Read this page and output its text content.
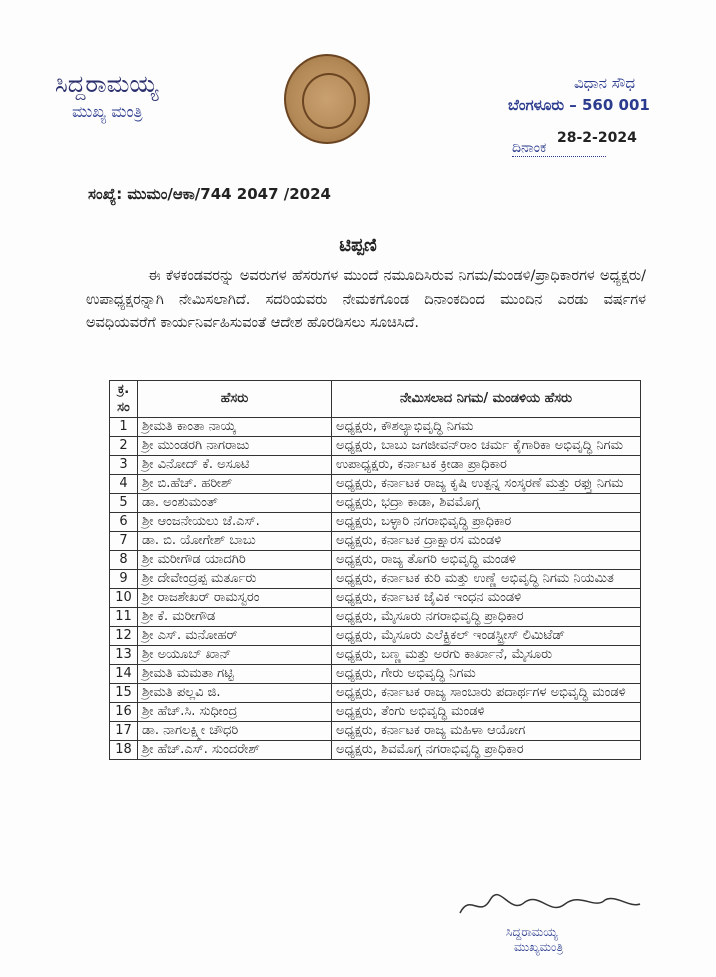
ಸಿದ್ದರಾಮಯ್ಯ
ಮುಖ್ಯ ಮಂತ್ರಿ
ವಿಧಾನ ಸೌಧ
ಬೆಂಗಳೂರು – 560 001
ದಿನಾಂಕ
28-2-2024
ಸಂಖ್ಯೆ: ಮುಮಂ/ಆಕಾ/744 2047 /2024
ಟಿಪ್ಪಣಿ
ಈ ಕೆಳಕಂಡವರನ್ನು ಅವರುಗಳ ಹೆಸರುಗಳ ಮುಂದೆ ನಮೂದಿಸಿರುವ ನಿಗಮ/ಮಂಡಳಿ/ಪ್ರಾಧಿಕಾರಗಳ ಅಧ್ಯಕ್ಷರು/ಉಪಾಧ್ಯಕ್ಷರನ್ನಾಗಿ ನೇಮಿಸಲಾಗಿದೆ. ಸದರಿಯವರು ನೇಮಕಗೊಂಡ ದಿನಾಂಕದಿಂದ ಮುಂದಿನ ಎರಡು ವರ್ಷಗಳ ಅವಧಿಯವರೆಗೆ ಕಾರ್ಯನಿರ್ವಹಿಸುವಂತೆ ಆದೇಶ ಹೊರಡಿಸಲು ಸೂಚಿಸಿದೆ.
ಕ್ರ. ಸಂ	ಹೆಸರು	ನೇಮಿಸಲಾದ ನಿಗಮ/ ಮಂಡಳಿಯ ಹೆಸರು
1	ಶ್ರೀಮತಿ ಕಾಂತಾ ನಾಯ್ಕ	ಅಧ್ಯಕ್ಷರು, ಕೌಶಲ್ಯಾಭಿವೃದ್ಧಿ ನಿಗಮ
2	ಶ್ರೀ ಮುಂಡರಗಿ ನಾಗರಾಜು	ಅಧ್ಯಕ್ಷರು, ಬಾಬು ಜಗಜೀವನ್‌ರಾಂ ಚರ್ಮ ಕೈಗಾರಿಕಾ ಅಭಿವೃದ್ಧಿ ನಿಗಮ
3	ಶ್ರೀ ವಿನೋದ್ ಕೆ. ಅಸೂಟಿ	ಉಪಾಧ್ಯಕ್ಷರು, ಕರ್ನಾಟಕ ಕ್ರೀಡಾ ಪ್ರಾಧಿಕಾರ
4	ಶ್ರೀ ಬಿ.ಹೆಚ್. ಹರೀಶ್	ಅಧ್ಯಕ್ಷರು, ಕರ್ನಾಟಕ ರಾಜ್ಯ ಕೃಷಿ ಉತ್ಪನ್ನ ಸಂಸ್ಕರಣೆ ಮತ್ತು ರಫ್ತು ನಿಗಮ
5	ಡಾ. ಅಂಶುಮಂತ್	ಅಧ್ಯಕ್ಷರು, ಭದ್ರಾ ಕಾಡಾ, ಶಿವಮೊಗ್ಗ
6	ಶ್ರೀ ಆಂಜನೇಯಲು ಜೆ.ಎಸ್.	ಅಧ್ಯಕ್ಷರು, ಬಳ್ಳಾರಿ ನಗರಾಭಿವೃದ್ಧಿ ಪ್ರಾಧಿಕಾರ
7	ಡಾ. ಬಿ. ಯೋಗೇಶ್ ಬಾಬು	ಅಧ್ಯಕ್ಷರು, ಕರ್ನಾಟಕ ದ್ರಾಕ್ಷಾರಸ ಮಂಡಳಿ
8	ಶ್ರೀ ಮರೀಗೌಡ ಯಾದಗಿರಿ	ಅಧ್ಯಕ್ಷರು, ರಾಜ್ಯ ತೊಗರಿ ಅಭಿವೃದ್ಧಿ ಮಂಡಳಿ
9	ಶ್ರೀ ದೇವೇಂದ್ರಪ್ಪ ಮರ್ತೂರು	ಅಧ್ಯಕ್ಷರು, ಕರ್ನಾಟಕ ಕುರಿ ಮತ್ತು ಉಣ್ಣೆ ಅಭಿವೃದ್ಧಿ ನಿಗಮ ನಿಯಮಿತ
10	ಶ್ರೀ ರಾಜಶೇಖರ್ ರಾಮಸ್ವರಂ	ಅಧ್ಯಕ್ಷರು, ಕರ್ನಾಟಕ ಜೈವಿಕ ಇಂಧನ ಮಂಡಳಿ
11	ಶ್ರೀ ಕೆ. ಮರೀಗೌಡ	ಅಧ್ಯಕ್ಷರು, ಮೈಸೂರು ನಗರಾಭಿವೃದ್ಧಿ ಪ್ರಾಧಿಕಾರ
12	ಶ್ರೀ ಎಸ್. ಮನೋಹರ್	ಅಧ್ಯಕ್ಷರು, ಮೈಸೂರು ಎಲೆಕ್ಟ್ರಿಕಲ್ ಇಂಡಸ್ಟ್ರೀಸ್ ಲಿಮಿಟೆಡ್
13	ಶ್ರೀ ಅಯೂಬ್ ಖಾನ್	ಅಧ್ಯಕ್ಷರು, ಬಣ್ಣ ಮತ್ತು ಅರಗು ಕಾರ್ಖಾನೆ, ಮೈಸೂರು
14	ಶ್ರೀಮತಿ ಮಮತಾ ಗಟ್ಟಿ	ಅಧ್ಯಕ್ಷರು, ಗೇರು ಅಭಿವೃದ್ಧಿ ನಿಗಮ
15	ಶ್ರೀಮತಿ ಪಲ್ಲವಿ ಜಿ.	ಅಧ್ಯಕ್ಷರು, ಕರ್ನಾಟಕ ರಾಜ್ಯ ಸಾಂಬಾರು ಪದಾರ್ಥಗಳ ಅಭಿವೃದ್ಧಿ ಮಂಡಳಿ
16	ಶ್ರೀ ಹೆಚ್.ಸಿ. ಸುಧೀಂದ್ರ	ಅಧ್ಯಕ್ಷರು, ತೆಂಗು ಅಭಿವೃದ್ಧಿ ಮಂಡಳಿ
17	ಡಾ. ನಾಗಲಕ್ಷ್ಮೀ ಚೌಧರಿ	ಅಧ್ಯಕ್ಷರು, ಕರ್ನಾಟಕ ರಾಜ್ಯ ಮಹಿಳಾ ಆಯೋಗ
18	ಶ್ರೀ ಹೆಚ್.ಎಸ್. ಸುಂದರೇಶ್	ಅಧ್ಯಕ್ಷರು, ಶಿವಮೊಗ್ಗ ನಗರಾಭಿವೃದ್ಧಿ ಪ್ರಾಧಿಕಾರ
ಸಿದ್ದರಾಮಯ್ಯ
ಮುಖ್ಯಮಂತ್ರಿ
